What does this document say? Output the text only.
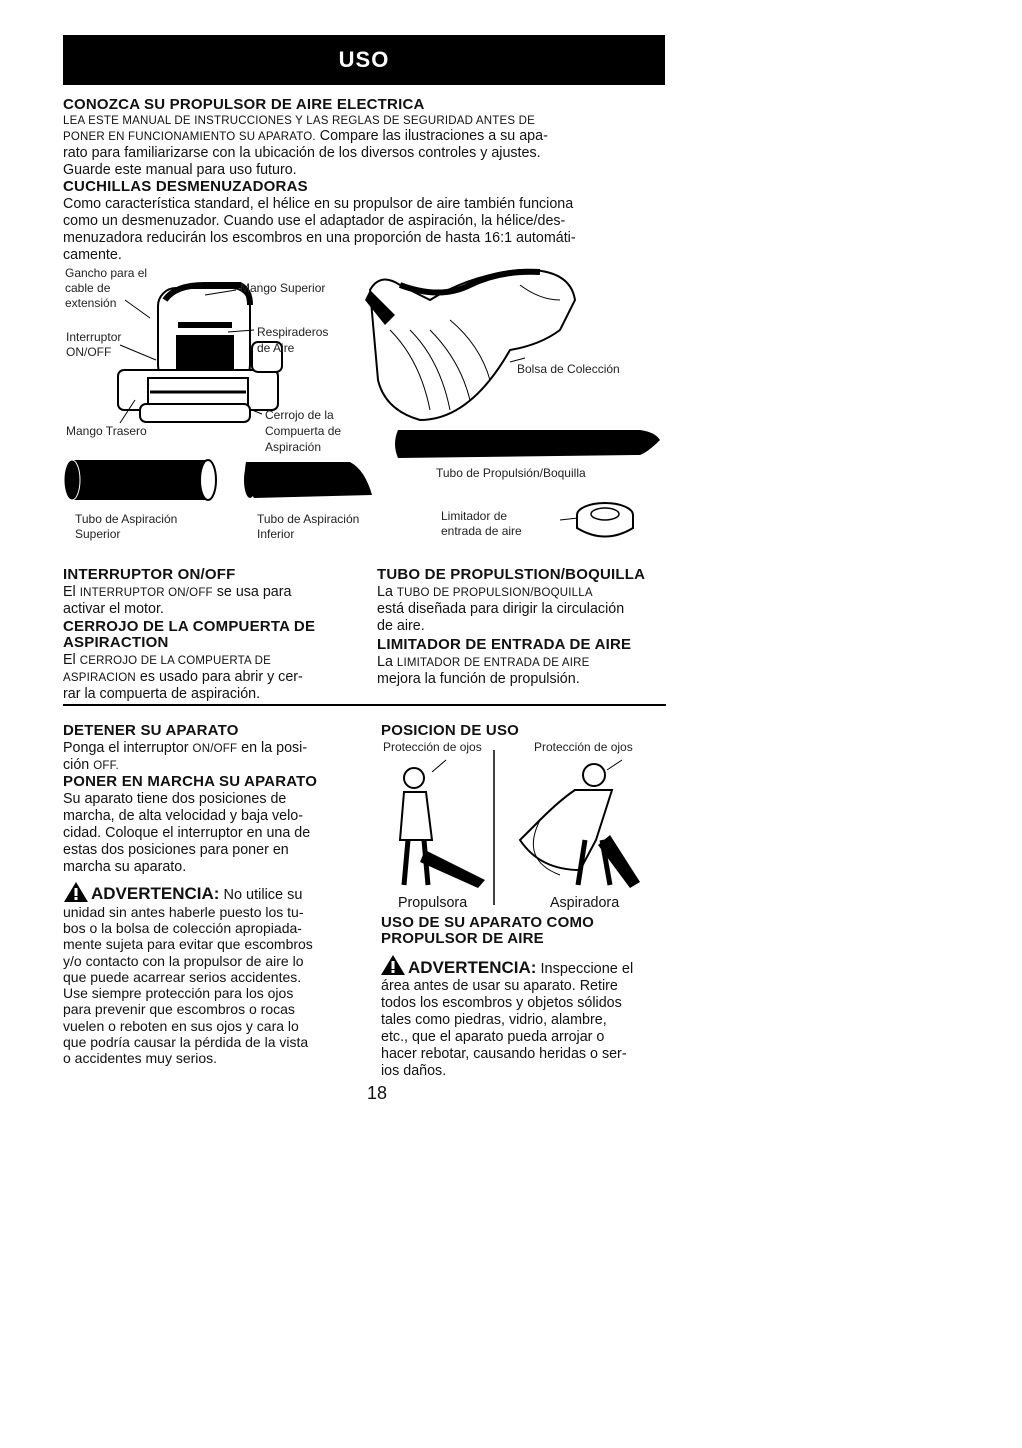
USO
CONOZCA SU PROPULSOR DE AIRE ELECTRICA
LEA ESTE MANUAL DE INSTRUCCIONES Y LAS REGLAS DE SEGURIDAD ANTES DE
PONER EN FUNCIONAMIENTO SU APARATO. Compare las ilustraciones a su apa-
rato para familiarizarse con la ubicación de los diversos controles y ajustes.
Guarde este manual para uso futuro.
CUCHILLAS DESMENUZADORAS
Como característica standard, el hélice en su propulsor de aire también funciona
como un desmenuzador. Cuando use el adaptador de aspiración, la hélice/des-
menuzadora reducirán los escombros en una proporción de hasta 16:1 automáti-
camente.
Gancho para el
cable de
extensión
Mango Superior
Interruptor
ON/OFF
Respiraderos
de Aire
Mango Trasero
Cerrojo de la
Compuerta de
Aspiración
Bolsa de Colección
Tubo de Propulsión/Boquilla
Tubo de Aspiración
Superior
Tubo de Aspiración
Inferior
Limitador de
entrada de aire
INTERRUPTOR ON/OFF
El INTERRUPTOR ON/OFF se usa para
activar el motor.
CERROJO DE LA COMPUERTA DE
ASPIRACTION
El CERROJO DE LA COMPUERTA DE
ASPIRACION es usado para abrir y cer-
rar la compuerta de aspiración.
TUBO DE PROPULSTION/BOQUILLA
La TUBO DE PROPULSION/BOQUILLA
está diseñada para dirigir la circulación
de aire.
LIMITADOR DE ENTRADA DE AIRE
La LIMITADOR DE ENTRADA DE AIRE
mejora la función de propulsión.
DETENER SU APARATO
Ponga el interruptor ON/OFF en la posi-
ción OFF.
PONER EN MARCHA SU APARATO
Su aparato tiene dos posiciones de
marcha, de alta velocidad y baja velo-
cidad. Coloque el interruptor en una de
estas dos posiciones para poner en
marcha su aparato.
ADVERTENCIA: No utilice su
unidad sin antes haberle puesto los tu-
bos o la bolsa de colección apropiada-
mente sujeta para evitar que escombros
y/o contacto con la propulsor de aire lo
que puede acarrear serios accidentes.
Use siempre protección para los ojos
para prevenir que escombros o rocas
vuelen o reboten en sus ojos y cara lo
que podría causar la pérdida de la vista
o accidentes muy serios.
POSICION DE USO
Protección de ojos	Protección de ojos
Propulsora	Aspiradora
USO DE SU APARATO COMO
PROPULSOR DE AIRE
ADVERTENCIA: Inspeccione el
área antes de usar su aparato. Retire
todos los escombros y objetos sólidos
tales como piedras, vidrio, alambre,
etc., que el aparato pueda arrojar o
hacer rebotar, causando heridas o ser-
ios daños.
18
